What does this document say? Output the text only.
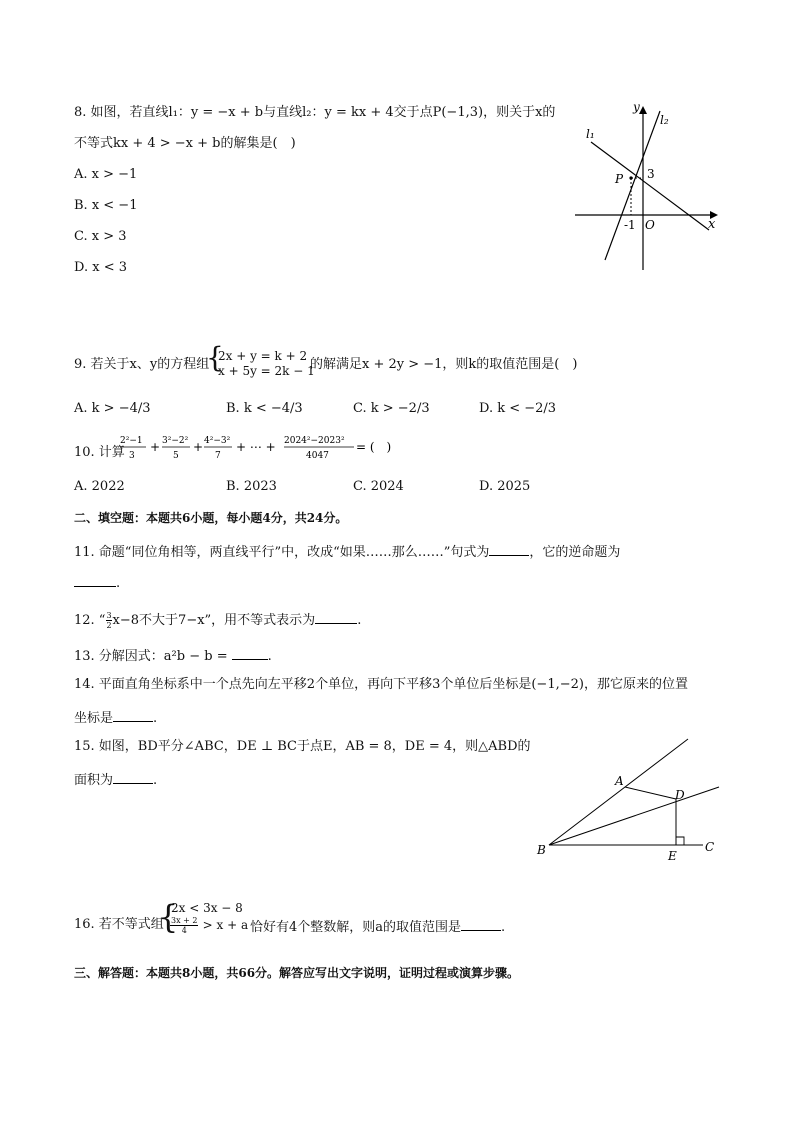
8. 如图，若直线l₁：y = −x + b与直线l₂：y = kx + 4交于点P(−1,3)，则关于x的
不等式kx + 4 > −x + b的解集是(　)
A. x > −1
B. x < −1
C. x > 3
D. x < 3
y
x
l₁
l₂
P 3
-1 O
9. 若关于x、y的方程组
{
2x + y = k + 2
x + 5y = 2k − 1
的解满足x + 2y > −1，则k的取值范围是(　)
A. k > −4/3	B. k < −4/3	C. k > −2/3	D. k < −2/3
10. 计算
2²−1
3
+ 3²−2²
5
+ 4²−3²
7
+ ⋯ + 2024²−2023²
4047
= (　)
A. 2022	B. 2023	C. 2024	D. 2025
二、填空题：本题共6小题，每小题4分，共24分。
11. 命题“同位角相等，两直线平行”中，改成“如果……那么……”句式为	，它的逆命题为
.
12. “ $\frac{3}{2} x-8$不大于7−x”，用不等式表示为	.
13. 分解因式：a²b − b =	.
14. 平面直角坐标系中一个点先向左平移2个单位，再向下平移3个单位后坐标是(−1,−2)，那它原来的位置
坐标是	.
15. 如图，BD平分∠ABC，DE ⊥ BC于点E，AB = 8，DE = 4，则△ABD的
面积为	.	A
B	C
D
E
16. 若不等式组
{
2x < 3x − 8
$\frac{3x + 2}{4} > x + a$ 恰好有4个整数解，则a的取值范围是	.
三、解答题：本题共8小题，共66分。解答应写出文字说明，证明过程或演算步骤。
